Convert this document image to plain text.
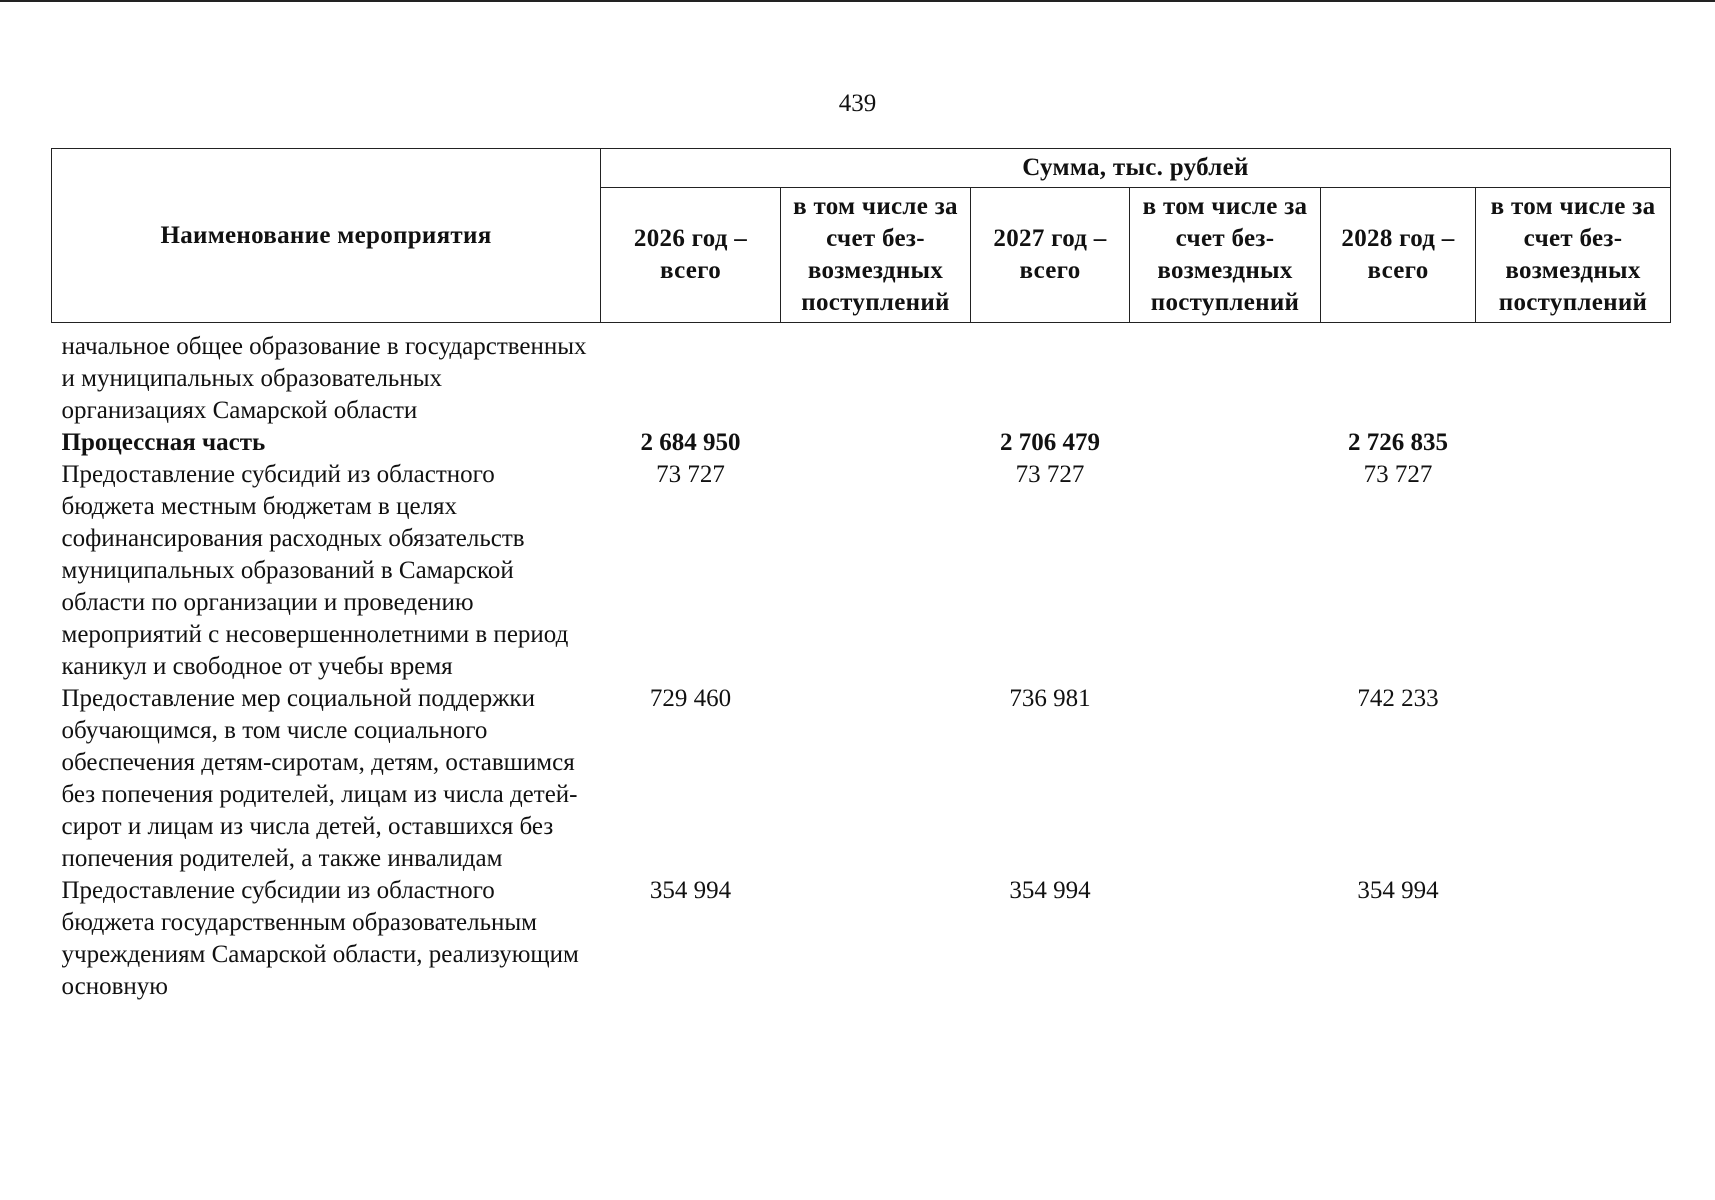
439
Наименование мероприятия	Сумма, тыс. рублей					
	2026 год – всего	в том числе за счет без-возмездных поступлений	2027 год – всего	в том числе за счет без-возмездных поступлений	2028 год – всего	в том числе за счет без-возмездных поступлений
начальное общее образование в государственных и муниципальных образовательных организациях Самарской области						
Процессная часть	2 684 950		2 706 479		2 726 835	
Предоставление субсидий из областного бюджета местным бюджетам в целях софинансирования расходных обязательств муниципальных образований в Самарской области по организации и проведению мероприятий с несовершеннолетними в период каникул и свободное от учебы время	73 727		73 727		73 727	
Предоставление мер социальной поддержки обучающимся, в том числе социального обеспечения детям-сиротам, детям, оставшимся без попечения родителей, лицам из числа детей-сирот и лицам из числа детей, оставшихся без попечения родителей, а также инвалидам	729 460		736 981		742 233	
Предоставление субсидии из областного бюджета государственным образовательным учреждениям Самарской области, реализующим основную	354 994		354 994		354 994	
